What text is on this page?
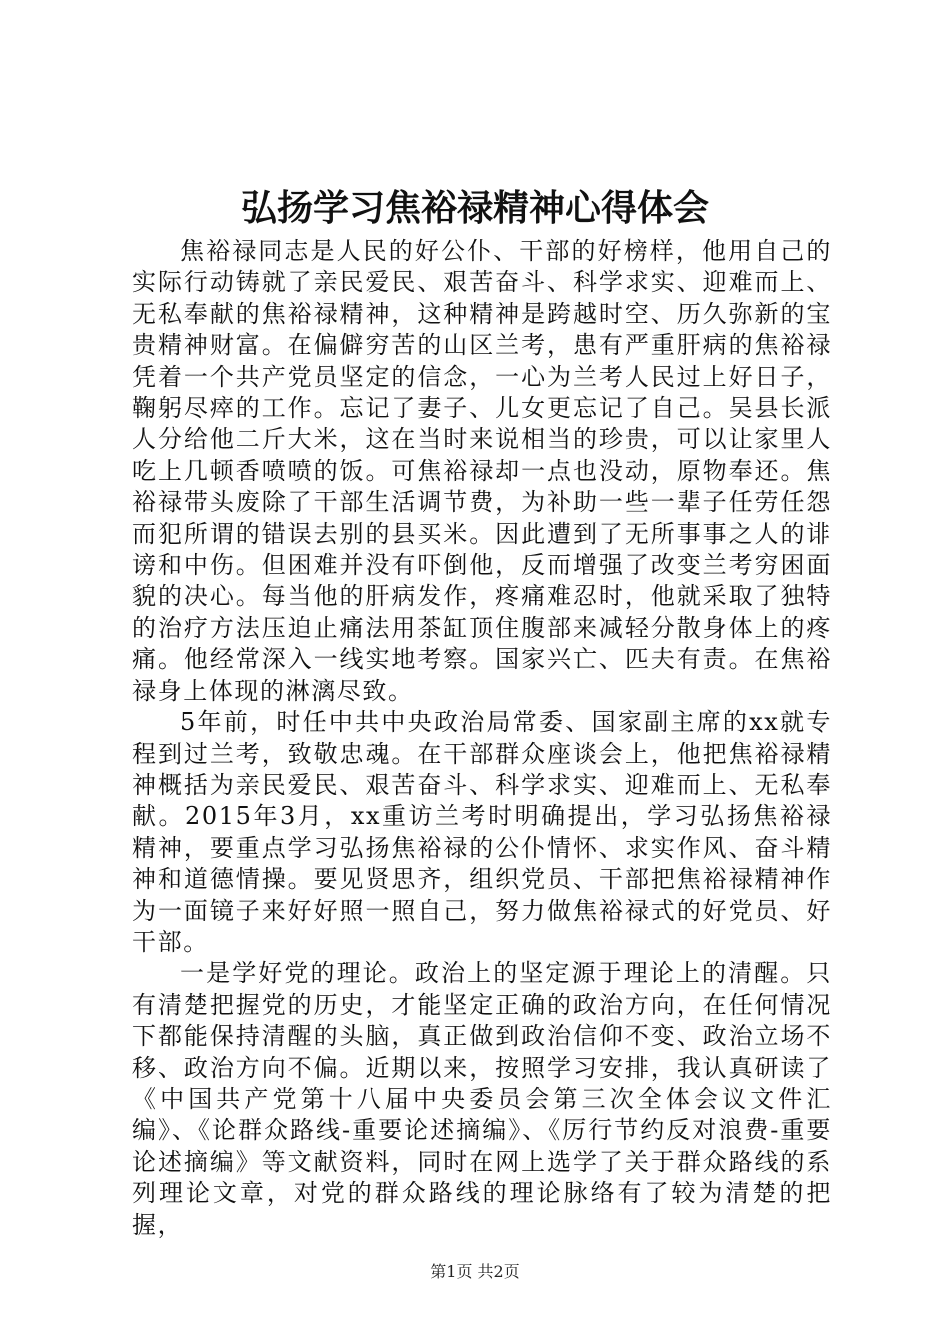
弘扬学习焦裕禄精神心得体会

焦裕禄同志是人民的好公仆、干部的好榜样，他用自己的实际行动铸就了亲民爱民、艰苦奋斗、科学求实、迎难而上、无私奉献的焦裕禄精神，这种精神是跨越时空、历久弥新的宝贵精神财富。在偏僻穷苦的山区兰考，患有严重肝病的焦裕禄凭着一个共产党员坚定的信念，一心为兰考人民过上好日子，鞠躬尽瘁的工作。忘记了妻子、儿女更忘记了自己。吴县长派人分给他二斤大米，这在当时来说相当的珍贵，可以让家里人吃上几顿香喷喷的饭。可焦裕禄却一点也没动，原物奉还。焦裕禄带头废除了干部生活调节费，为补助一些一辈子任劳任怨而犯所谓的错误去别的县买米。因此遭到了无所事事之人的诽谤和中伤。但困难并没有吓倒他，反而增强了改变兰考穷困面貌的决心。每当他的肝病发作，疼痛难忍时，他就采取了独特的治疗方法压迫止痛法用茶缸顶住腹部来减轻分散身体上的疼痛。他经常深入一线实地考察。国家兴亡、匹夫有责。在焦裕禄身上体现的淋漓尽致。

5年前，时任中共中央政治局常委、国家副主席的xx就专程到过兰考，致敬忠魂。在干部群众座谈会上，他把焦裕禄精神概括为亲民爱民、艰苦奋斗、科学求实、迎难而上、无私奉献。2015年3月，xx重访兰考时明确提出，学习弘扬焦裕禄精神，要重点学习弘扬焦裕禄的公仆情怀、求实作风、奋斗精神和道德情操。要见贤思齐，组织党员、干部把焦裕禄精神作为一面镜子来好好照一照自己，努力做焦裕禄式的好党员、好干部。

一是学好党的理论。政治上的坚定源于理论上的清醒。只有清楚把握党的历史，才能坚定正确的政治方向，在任何情况下都能保持清醒的头脑，真正做到政治信仰不变、政治立场不移、政治方向不偏。近期以来，按照学习安排，我认真研读了《中国共产党第十八届中央委员会第三次全体会议文件汇编》、《论群众路线-重要论述摘编》、《厉行节约反对浪费-重要论述摘编》等文献资料，同时在网上选学了关于群众路线的系列理论文章，对党的群众路线的理论脉络有了较为清楚的把握，

第1页 共2页
